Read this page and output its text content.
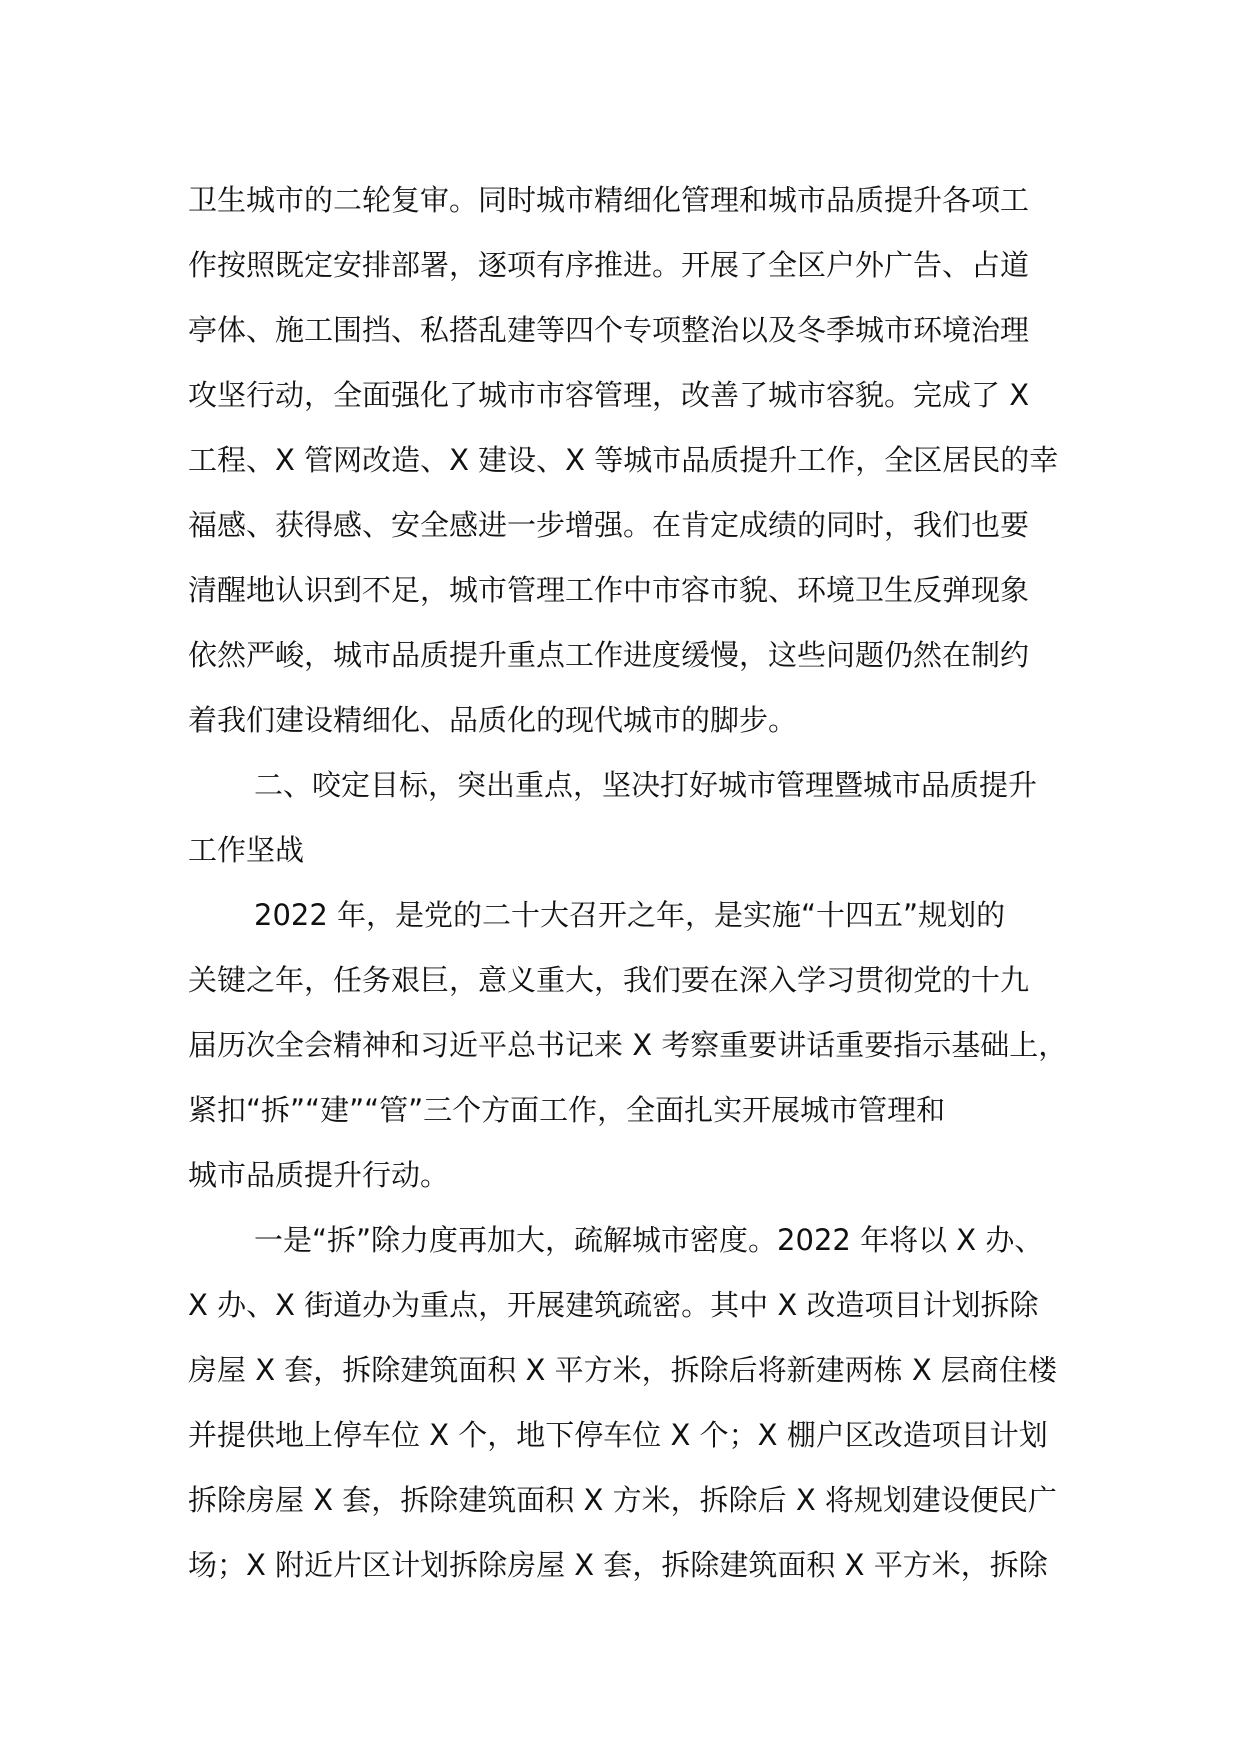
卫生城市的二轮复审。同时城市精细化管理和城市品质提升各项工
作按照既定安排部署，逐项有序推进。开展了全区户外广告、占道
亭体、施工围挡、私搭乱建等四个专项整治以及冬季城市环境治理
攻坚行动，全面强化了城市市容管理，改善了城市容貌。完成了 X
工程、X 管网改造、X 建设、X 等城市品质提升工作，全区居民的幸
福感、获得感、安全感进一步增强。在肯定成绩的同时，我们也要
清醒地认识到不足，城市管理工作中市容市貌、环境卫生反弹现象
依然严峻，城市品质提升重点工作进度缓慢，这些问题仍然在制约
着我们建设精细化、品质化的现代城市的脚步。
二、咬定目标，突出重点，坚决打好城市管理暨城市品质提升
工作坚战
2022 年，是党的二十大召开之年，是实施“十四五”规划的
关键之年，任务艰巨，意义重大，我们要在深入学习贯彻党的十九
届历次全会精神和习近平总书记来 X 考察重要讲话重要指示基础上，
紧扣“拆”“建”“管”三个方面工作，全面扎实开展城市管理和
城市品质提升行动。
一是“拆”除力度再加大，疏解城市密度。2022 年将以 X 办、
X 办、X 街道办为重点，开展建筑疏密。其中 X 改造项目计划拆除
房屋 X 套，拆除建筑面积 X 平方米，拆除后将新建两栋 X 层商住楼
并提供地上停车位 X 个，地下停车位 X 个；X 棚户区改造项目计划
拆除房屋 X 套，拆除建筑面积 X 方米，拆除后 X 将规划建设便民广
场；X 附近片区计划拆除房屋 X 套，拆除建筑面积 X 平方米，拆除
